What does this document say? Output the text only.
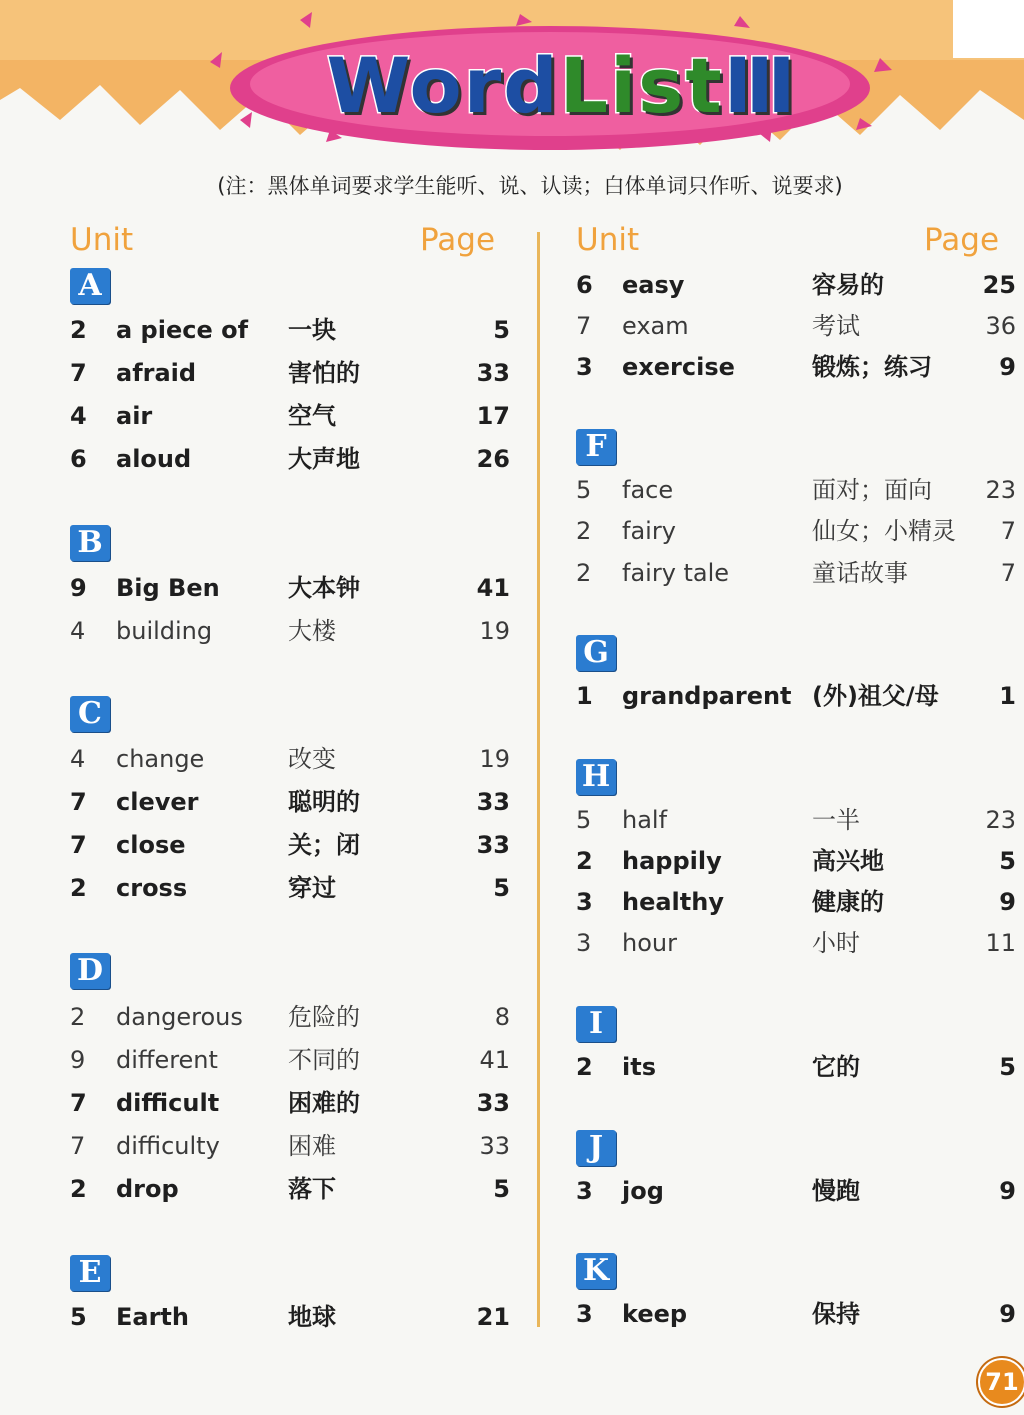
Word List Ⅲ
(注：黑体单词要求学生能听、说、认读；白体单词只作听、说要求)
Unit	Page
A
2 a piece of 一块	5
7 afraid	害怕的	33
4 air	空气	17
6 aloud	大声地	26
B
9 Big Ben	大本钟	41
4 building	大楼	19
C
4 change	改变	19
7 clever	聪明的	33
7 close	关；闭	33
2 cross	穿过	5
D
2 dangerous 危险的	8
9 different	不同的	41
7 difficult	困难的	33
7 difficulty	困难	33
2 drop	落下	5
E
5 Earth	地球	21
Unit	Page
6 easy	容易的	25
7 exam	考试	36
3 exercise	锻炼；练习	9
F
5 face	面对；面向 23
2 fairy	仙女；小精灵 7
2 fairy tale	童话故事	7
G
1 grandparent (外)祖父/母	1
H
5 half	一半	23
2 happily	高兴地	5
3 healthy	健康的	9
3 hour	小时	11
I
2 its	它的	5
J
3 jog	慢跑	9
K
3 keep	保持	9
71
